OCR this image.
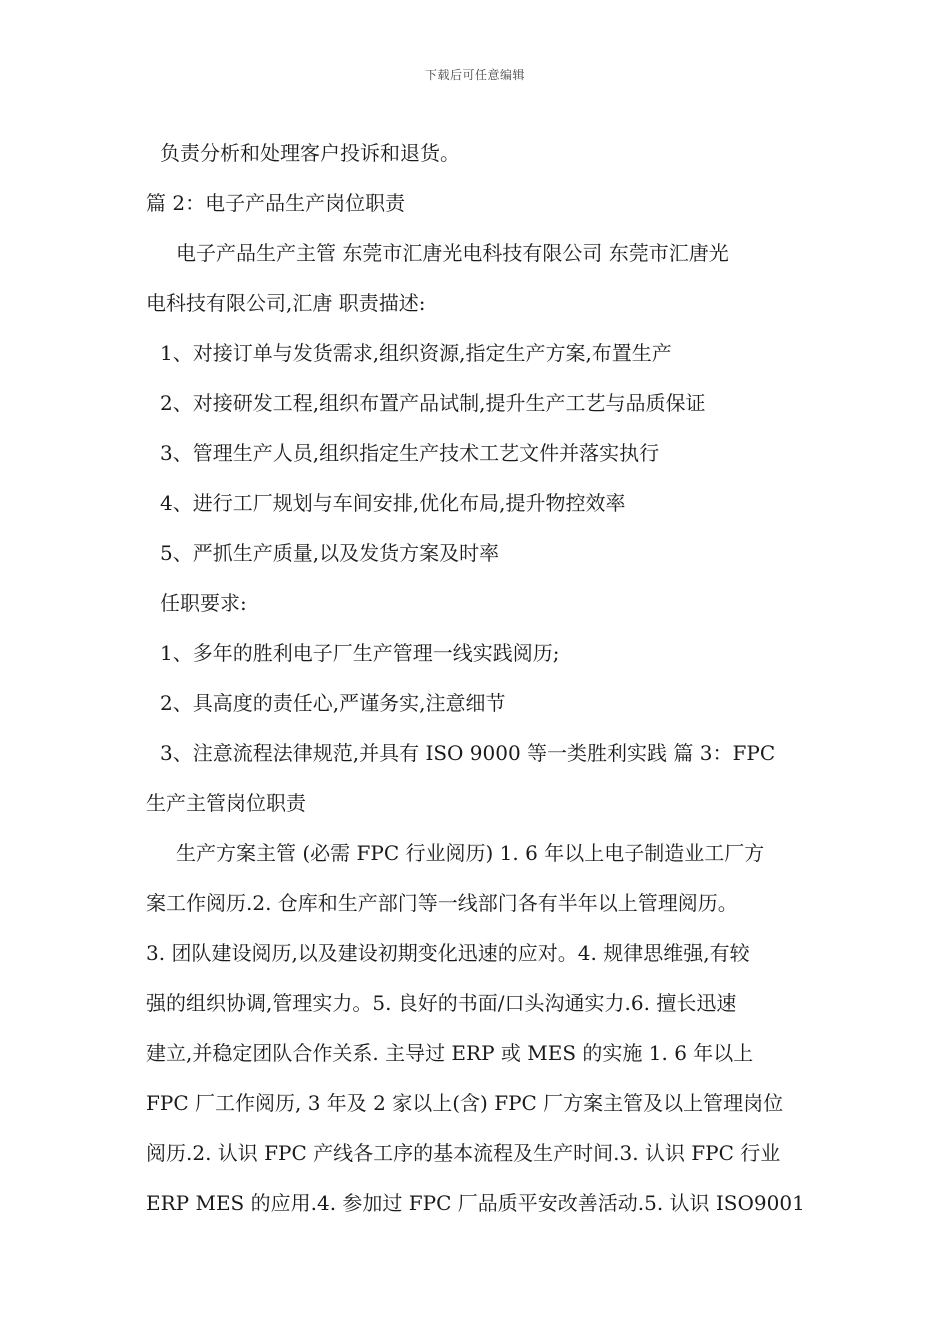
下载后可任意编辑
负责分析和处理客户投诉和退货。
篇 2：电子产品生产岗位职责
电子产品生产主管 东莞市汇唐光电科技有限公司 东莞市汇唐光
电科技有限公司,汇唐 职责描述:
1、对接订单与发货需求,组织资源,指定生产方案,布置生产
2、对接研发工程,组织布置产品试制,提升生产工艺与品质保证
3、管理生产人员,组织指定生产技术工艺文件并落实执行
4、进行工厂规划与车间安排,优化布局,提升物控效率
5、严抓生产质量,以及发货方案及时率
任职要求:
1、多年的胜利电子厂生产管理一线实践阅历;
2、具高度的责任心,严谨务实,注意细节
3、注意流程法律规范,并具有 ISO 9000 等一类胜利实践 篇 3：FPC
生产主管岗位职责
生产方案主管 (必需 FPC 行业阅历) 1. 6 年以上电子制造业工厂方
案工作阅历.2. 仓库和生产部门等一线部门各有半年以上管理阅历。
3. 团队建设阅历,以及建设初期变化迅速的应对。4. 规律思维强,有较
强的组织协调,管理实力。5. 良好的书面/口头沟通实力.6. 擅长迅速
建立,并稳定团队合作关系. 主导过 ERP 或 MES 的实施 1. 6 年以上
FPC 厂工作阅历, 3 年及 2 家以上(含) FPC 厂方案主管及以上管理岗位
阅历.2. 认识 FPC 产线各工序的基本流程及生产时间.3. 认识 FPC 行业
ERP MES 的应用.4. 参加过 FPC 厂品质平安改善活动.5. 认识 ISO9001
